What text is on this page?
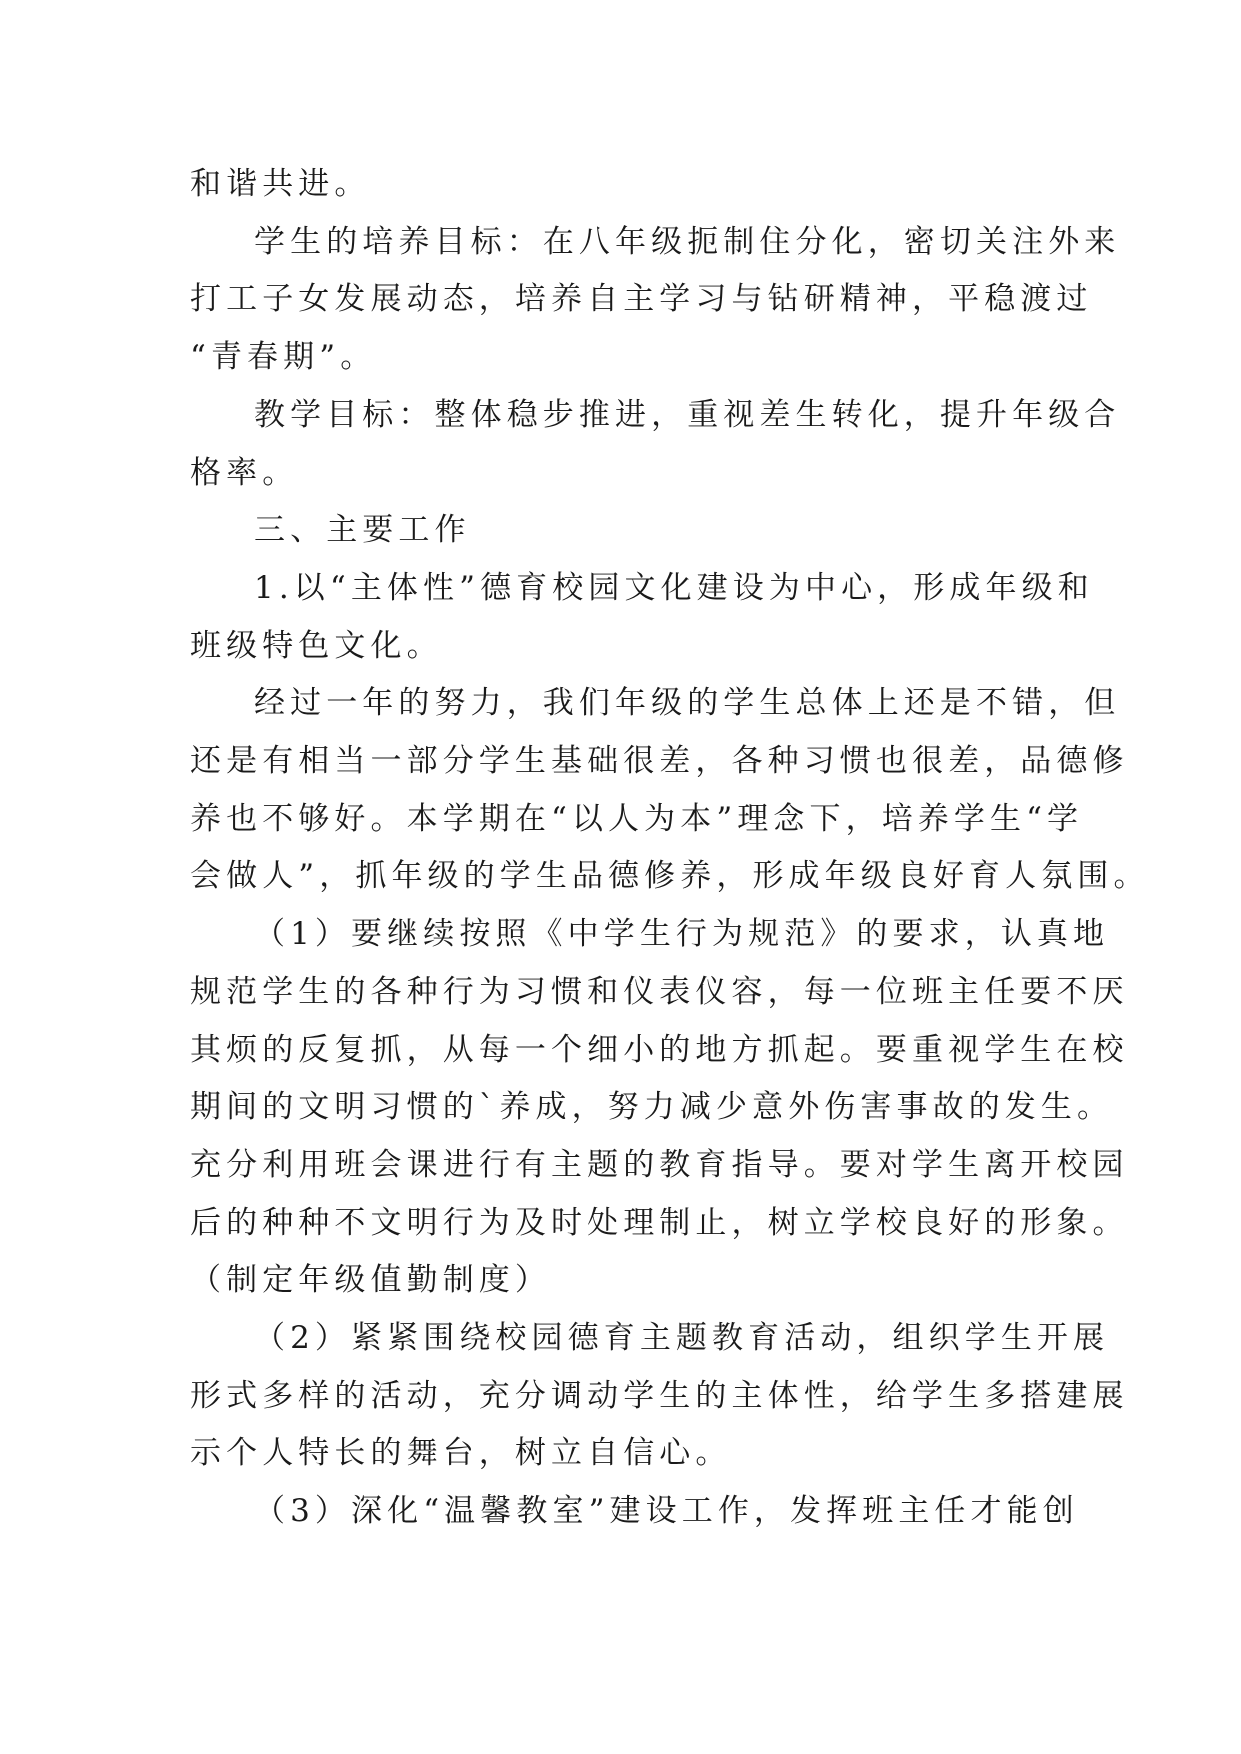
和谐共进。

学生的培养目标：在八年级扼制住分化，密切关注外来
打工子女发展动态，培养自主学习与钻研精神，平稳渡过
“青春期”。

教学目标：整体稳步推进，重视差生转化，提升年级合
格率。

三、主要工作

1.以“主体性”德育校园文化建设为中心，形成年级和
班级特色文化。

经过一年的努力，我们年级的学生总体上还是不错，但
还是有相当一部分学生基础很差，各种习惯也很差，品德修
养也不够好。本学期在“以人为本”理念下，培养学生“学
会做人”，抓年级的学生品德修养，形成年级良好育人氛围。

（1）要继续按照《中学生行为规范》的要求，认真地
规范学生的各种行为习惯和仪表仪容，每一位班主任要不厌
其烦的反复抓，从每一个细小的地方抓起。要重视学生在校
期间的文明习惯的`养成，努力减少意外伤害事故的发生。
充分利用班会课进行有主题的教育指导。要对学生离开校园
后的种种不文明行为及时处理制止，树立学校良好的形象。
（制定年级值勤制度）

（2）紧紧围绕校园德育主题教育活动，组织学生开展
形式多样的活动，充分调动学生的主体性，给学生多搭建展
示个人特长的舞台，树立自信心。

（3）深化“温馨教室”建设工作，发挥班主任才能创
